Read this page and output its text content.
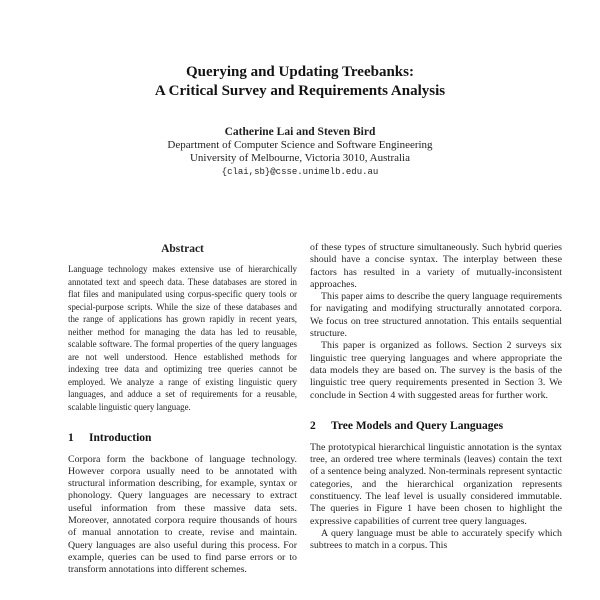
Querying and Updating Treebanks:
A Critical Survey and Requirements Analysis
Catherine Lai and Steven Bird
Department of Computer Science and Software Engineering
University of Melbourne, Victoria 3010, Australia
{clai,sb}@csse.unimelb.edu.au
Abstract
Language technology makes extensive use of hierarchically annotated text and speech data. These databases are stored in flat files and manipulated using corpus-specific query tools or special-purpose scripts. While the size of these databases and the range of applications has grown rapidly in recent years, neither method for managing the data has led to reusable, scalable software. The formal properties of the query languages are not well understood. Hence established methods for indexing tree data and optimizing tree queries cannot be employed. We analyze a range of existing linguistic query languages, and adduce a set of requirements for a reusable, scalable linguistic query language.
1	Introduction

Corpora form the backbone of language technology. However corpora usually need to be annotated with structural information describing, for example, syntax or phonology. Query languages are necessary to extract useful information from these massive data sets. Moreover, annotated corpora require thousands of hours of manual annotation to create, revise and maintain. Query languages are also useful during this process. For example, queries can be used to find parse errors or to transform annotations into different schemes.

of these types of structure simultaneously. Such hybrid queries should have a concise syntax. The interplay between these factors has resulted in a variety of mutually-inconsistent approaches.

This paper aims to describe the query language requirements for navigating and modifying structurally annotated corpora. We focus on tree structured annotation. This entails sequential structure.

This paper is organized as follows. Section 2 surveys six linguistic tree querying languages and where appropriate the data models they are based on. The survey is the basis of the linguistic tree query requirements presented in Section 3. We conclude in Section 4 with suggested areas for further work.

2	Tree Models and Query Languages

The prototypical hierarchical linguistic annotation is the syntax tree, an ordered tree where terminals (leaves) contain the text of a sentence being analyzed. Non-terminals represent syntactic categories, and the hierarchical organization represents constituency. The leaf level is usually considered immutable. The queries in Figure 1 have been chosen to highlight the expressive capabilities of current tree query languages.

A query language must be able to accurately specify which subtrees to match in a corpus. This
